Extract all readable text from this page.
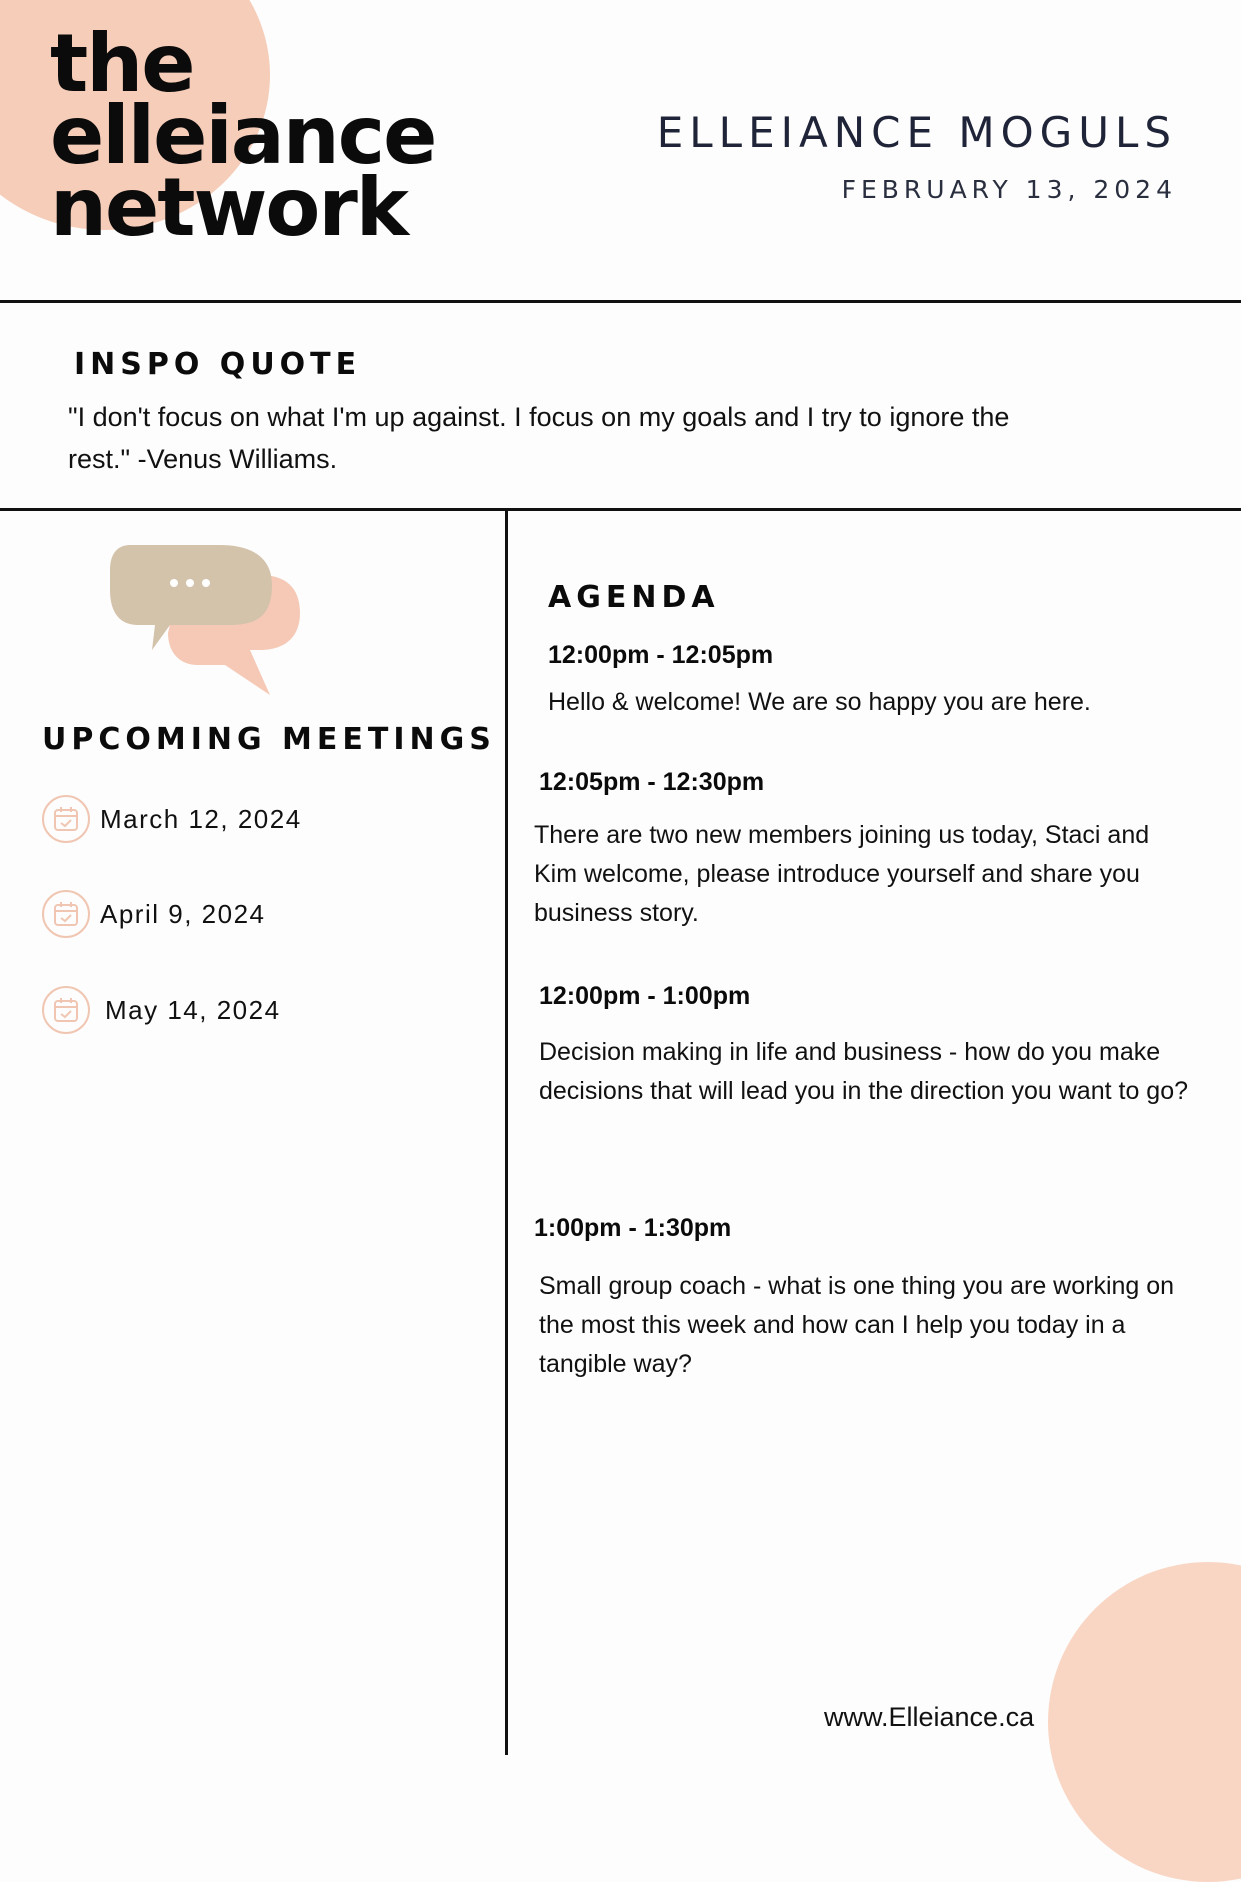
the
elleiance
network
ELLEIANCE MOGULS
FEBRUARY 13, 2024
INSPO QUOTE
"I don't focus on what I'm up against. I focus on my goals and I try to ignore the rest." -Venus Williams.
UPCOMING MEETINGS
March 12, 2024
April 9, 2024
May 14, 2024
AGENDA
12:00pm - 12:05pm
Hello & welcome! We are so happy you are here.
12:05pm - 12:30pm
There are two new members joining us today, Staci and Kim welcome, please introduce yourself and share you business story.
12:00pm - 1:00pm
Decision making in life and business - how do you make decisions that will lead you in the direction you want to go?
1:00pm - 1:30pm
Small group coach - what is one thing you are working on the most this week and how can I help you today in a tangible way?
www.Elleiance.ca
